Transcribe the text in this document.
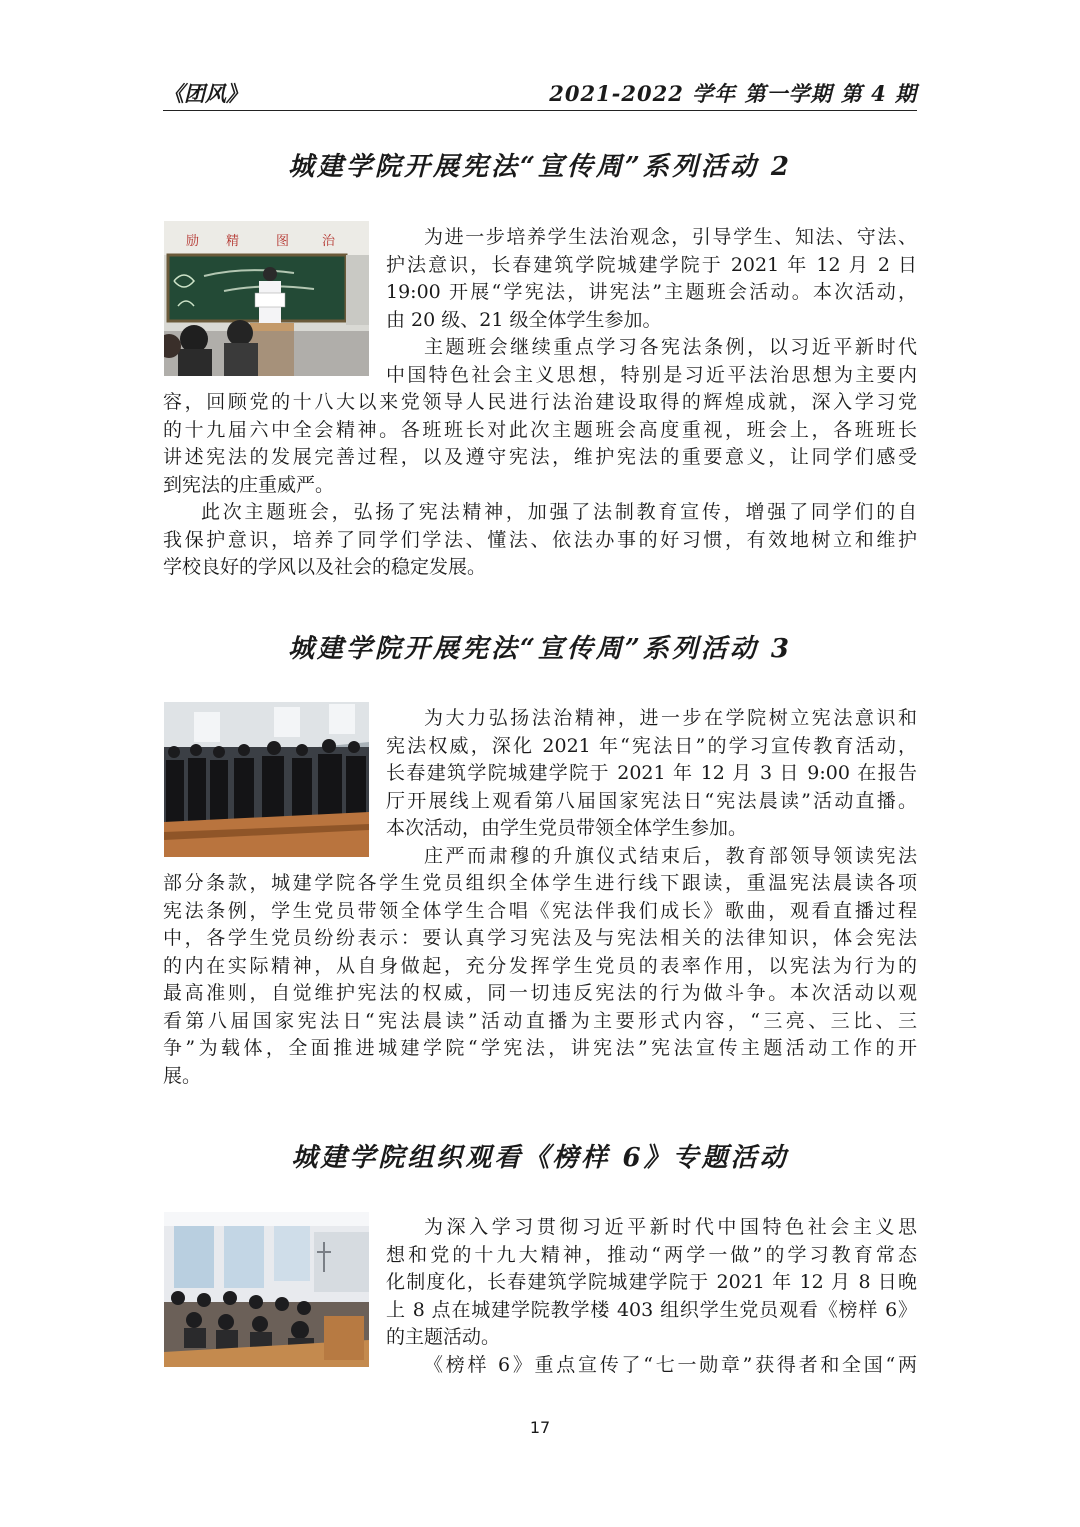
《团风》	2021-2022 学年 第一学期 第 4 期
城建学院开展宪法“宣传周”系列活动 2
励 精	图	治	为进一步培养学生法治观念，引导学生、知法、守法、
护法意识，长春建筑学院城建学院于 2021 年 12 月 2 日
19:00 开展“学宪法，讲宪法”主题班会活动。本次活动，
由 20 级、21 级全体学生参加。
主题班会继续重点学习各宪法条例，以习近平新时代
中国特色社会主义思想，特别是习近平法治思想为主要内
容，回顾党的十八大以来党领导人民进行法治建设取得的辉煌成就，深入学习党
的十九届六中全会精神。各班班长对此次主题班会高度重视，班会上，各班班长
讲述宪法的发展完善过程，以及遵守宪法，维护宪法的重要意义，让同学们感受
到宪法的庄重威严。
此次主题班会，弘扬了宪法精神，加强了法制教育宣传，增强了同学们的自
我保护意识，培养了同学们学法、懂法、依法办事的好习惯，有效地树立和维护
学校良好的学风以及社会的稳定发展。
城建学院开展宪法“宣传周”系列活动 3
为大力弘扬法治精神，进一步在学院树立宪法意识和
宪法权威，深化 2021 年“宪法日”的学习宣传教育活动，
长春建筑学院城建学院于 2021 年 12 月 3 日 9:00 在报告
厅开展线上观看第八届国家宪法日“宪法晨读”活动直播。
本次活动，由学生党员带领全体学生参加。
庄严而肃穆的升旗仪式结束后，教育部领导领读宪法
部分条款，城建学院各学生党员组织全体学生进行线下跟读，重温宪法晨读各项
宪法条例，学生党员带领全体学生合唱《宪法伴我们成长》歌曲，观看直播过程
中，各学生党员纷纷表示：要认真学习宪法及与宪法相关的法律知识，体会宪法
的内在实际精神，从自身做起，充分发挥学生党员的表率作用，以宪法为行为的
最高准则，自觉维护宪法的权威，同一切违反宪法的行为做斗争。本次活动以观
看第八届国家宪法日“宪法晨读”活动直播为主要形式内容，“三亮、三比、三
争”为载体，全面推进城建学院“学宪法，讲宪法”宪法宣传主题活动工作的开
展。
城建学院组织观看《榜样 6》专题活动
为深入学习贯彻习近平新时代中国特色社会主义思
想和党的十九大精神，推动“两学一做”的学习教育常态
化制度化，长春建筑学院城建学院于 2021 年 12 月 8 日晚
上 8 点在城建学院教学楼 403 组织学生党员观看《榜样 6》
的主题活动。
《榜样 6》重点宣传了“七一勋章”获得者和全国“两
17
